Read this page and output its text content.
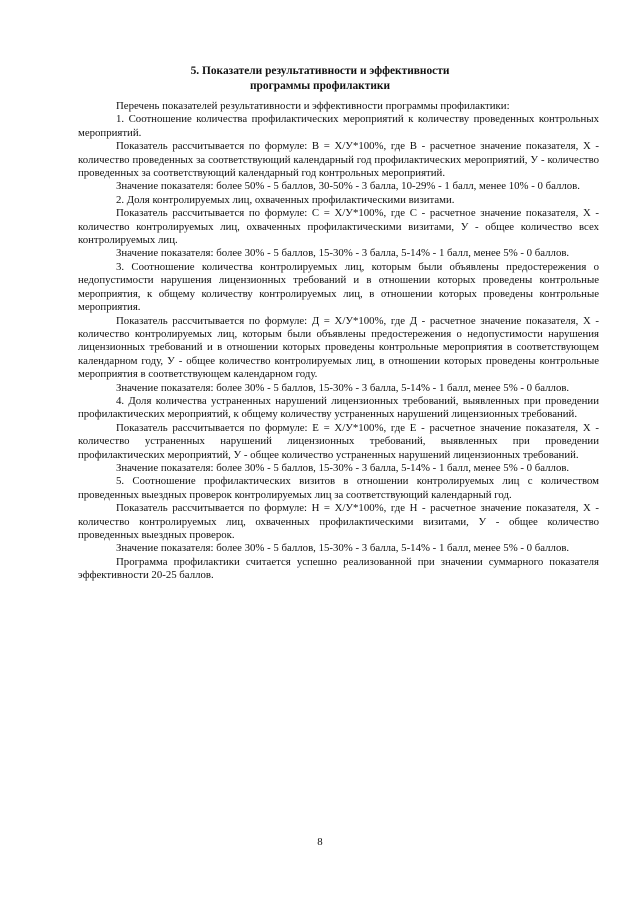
5. Показатели результативности и эффективности
программы профилактики

Перечень показателей результативности и эффективности программы профилактики:

1. Соотношение количества профилактических мероприятий к количеству проведенных контрольных мероприятий.

Показатель рассчитывается по формуле: В = Х/У*100%, где В - расчетное значение показателя, Х - количество проведенных за соответствующий календарный год профилактических мероприятий, У - количество проведенных за соответствующий календарный год контрольных мероприятий.

Значение показателя: более 50% - 5 баллов, 30-50% - 3 балла, 10-29% - 1 балл, менее 10% - 0 баллов.

2. Доля контролируемых лиц, охваченных профилактическими визитами.

Показатель рассчитывается по формуле: С = Х/У*100%, где С - расчетное значение показателя, Х - количество контролируемых лиц, охваченных профилактическими визитами, У - общее количество всех контролируемых лиц.

Значение показателя: более 30% - 5 баллов, 15-30% - 3 балла, 5-14% - 1 балл, менее 5% - 0 баллов.

3. Соотношение количества контролируемых лиц, которым были объявлены предостережения о недопустимости нарушения лицензионных требований и в отношении которых проведены контрольные мероприятия, к общему количеству контролируемых лиц, в отношении которых проведены контрольные мероприятия.

Показатель рассчитывается по формуле: Д = Х/У*100%, где Д - расчетное значение показателя, Х - количество контролируемых лиц, которым были объявлены предостережения о недопустимости нарушения лицензионных требований и в отношении которых проведены контрольные мероприятия в соответствующем календарном году, У - общее количество контролируемых лиц, в отношении которых проведены контрольные мероприятия в соответствующем календарном году.

Значение показателя: более 30% - 5 баллов, 15-30% - 3 балла, 5-14% - 1 балл, менее 5% - 0 баллов.

4. Доля количества устраненных нарушений лицензионных требований, выявленных при проведении профилактических мероприятий, к общему количеству устраненных нарушений лицензионных требований.

Показатель рассчитывается по формуле: Е = Х/У*100%, где Е - расчетное значение показателя, Х - количество устраненных нарушений лицензионных требований, выявленных при проведении профилактических мероприятий, У - общее количество устраненных нарушений лицензионных требований.

Значение показателя: более 30% - 5 баллов, 15-30% - 3 балла, 5-14% - 1 балл, менее 5% - 0 баллов.

5. Соотношение профилактических визитов в отношении контролируемых лиц с количеством проведенных выездных проверок контролируемых лиц за соответствующий календарный год.

Показатель рассчитывается по формуле: Н = Х/У*100%, где Н - расчетное значение показателя, Х - количество контролируемых лиц, охваченных профилактическими визитами, У - общее количество проведенных выездных проверок.

Значение показателя: более 30% - 5 баллов, 15-30% - 3 балла, 5-14% - 1 балл, менее 5% - 0 баллов.

Программа профилактики считается успешно реализованной при значении суммарного показателя эффективности 20-25 баллов.

8
